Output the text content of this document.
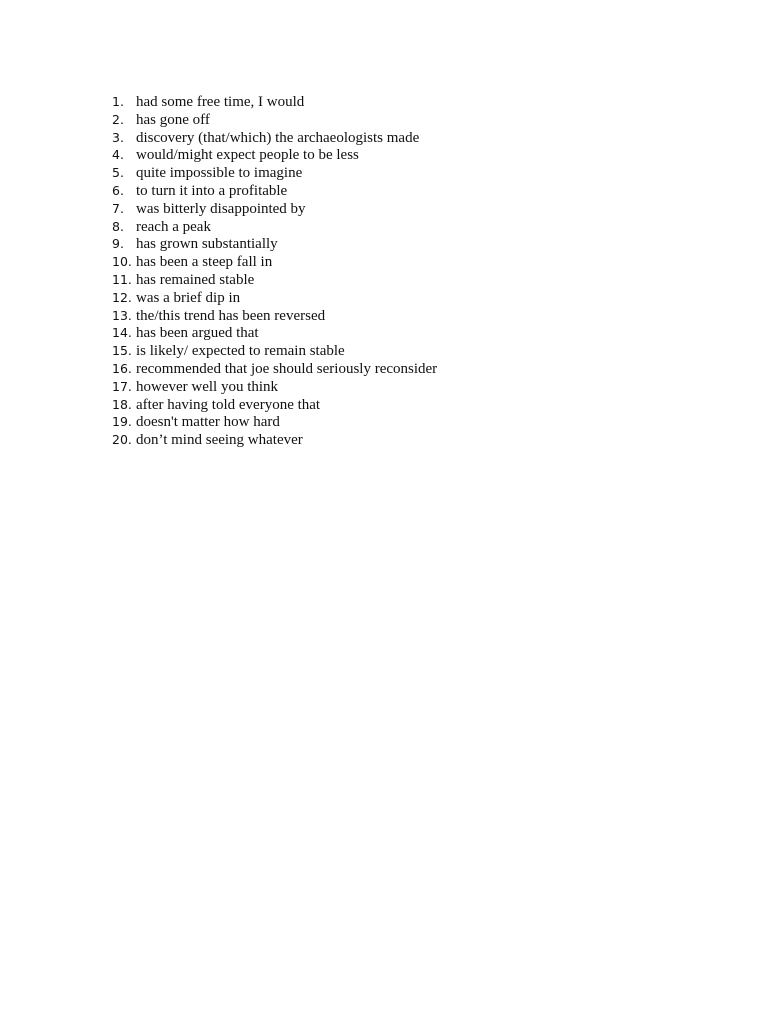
1. had some free time, I would
2. has gone off
3. discovery (that/which) the archaeologists made
4. would/might expect people to be less
5. quite impossible to imagine
6. to turn it into a profitable
7. was bitterly disappointed by
8. reach a peak
9. has grown substantially
10. has been a steep fall in
11. has remained stable
12. was a brief dip in
13. the/this trend has been reversed
14. has been argued that
15. is likely/ expected to remain stable
16. recommended that joe should seriously reconsider
17. however well you think
18. after having told everyone that
19. doesn't matter how hard
20. don’t mind seeing whatever
